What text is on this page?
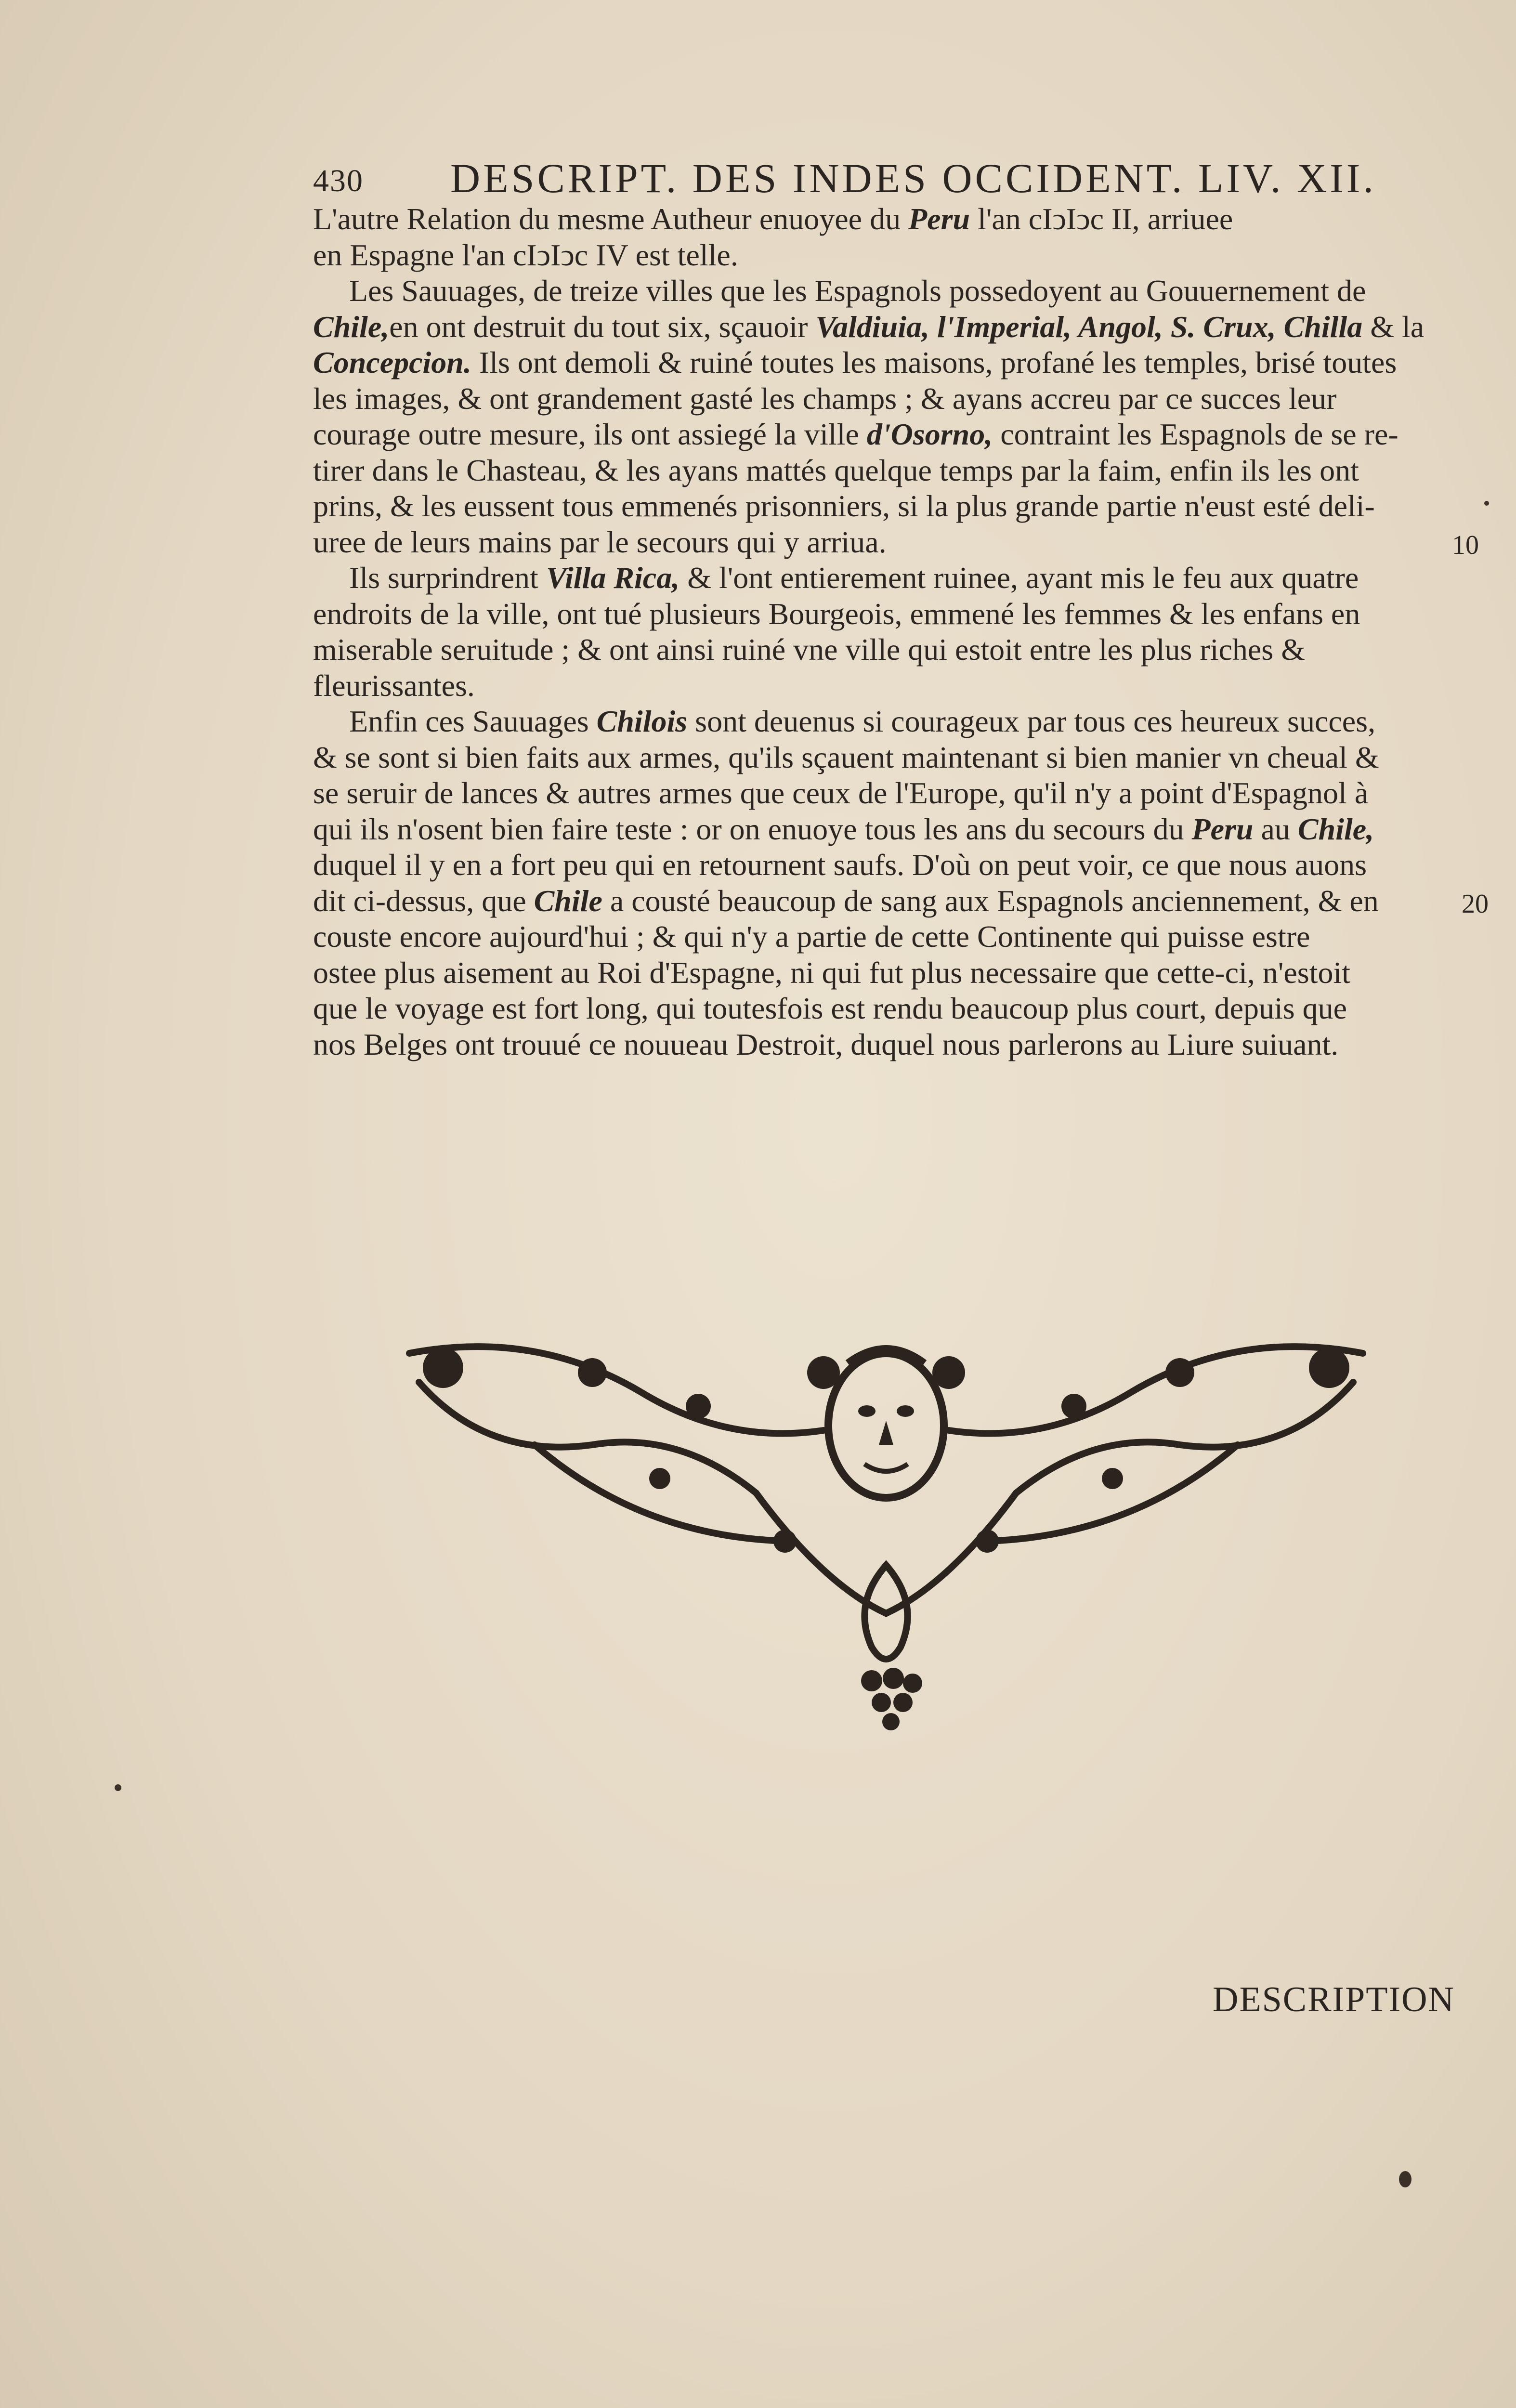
430 DESCRIPT. DES INDES OCCIDENT. LIV. XII.
L'autre Relation du mesme Autheur enuoyee du Peru l'an cIↄIↄc II, arriuee
en Espagne l'an cIↄIↄc IV est telle.
Les Sauuages, de treize villes que les Espagnols possedoyent au Gouuernement de
Chile,en ont destruit du tout six, sçauoir Valdiuia, l'Imperial, Angol, S. Crux, Chilla & la
Concepcion. Ils ont demoli & ruiné toutes les maisons, profané les temples, brisé toutes
les images, & ont grandement gasté les champs ; & ayans accreu par ce succes leur
courage outre mesure, ils ont assiegé la ville d'Osorno, contraint les Espagnols de se re-
tirer dans le Chasteau, & les ayans mattés quelque temps par la faim, enfin ils les ont
prins, & les eussent tous emmenés prisonniers, si la plus grande partie n'eust esté deli-
uree de leurs mains par le secours qui y arriua.
Ils surprindrent Villa Rica, & l'ont entierement ruinee, ayant mis le feu aux quatre
endroits de la ville, ont tué plusieurs Bourgeois, emmené les femmes & les enfans en
miserable seruitude ; & ont ainsi ruiné vne ville qui estoit entre les plus riches &
fleurissantes.
Enfin ces Sauuages Chilois sont deuenus si courageux par tous ces heureux succes,
& se sont si bien faits aux armes, qu'ils sçauent maintenant si bien manier vn cheual &
se seruir de lances & autres armes que ceux de l'Europe, qu'il n'y a point d'Espagnol à
qui ils n'osent bien faire teste : or on enuoye tous les ans du secours du Peru au Chile,
duquel il y en a fort peu qui en retournent saufs. D'où on peut voir, ce que nous auons
dit ci-dessus, que Chile a cousté beaucoup de sang aux Espagnols anciennement, & en
couste encore aujourd'hui ; & qui n'y a partie de cette Continente qui puisse estre
ostee plus aisement au Roi d'Espagne, ni qui fut plus necessaire que cette-ci, n'estoit
que le voyage est fort long, qui toutesfois est rendu beaucoup plus court, depuis que
nos Belges ont trouué ce nouueau Destroit, duquel nous parlerons au Liure suiuant.
10
20
DESCRIPTION
